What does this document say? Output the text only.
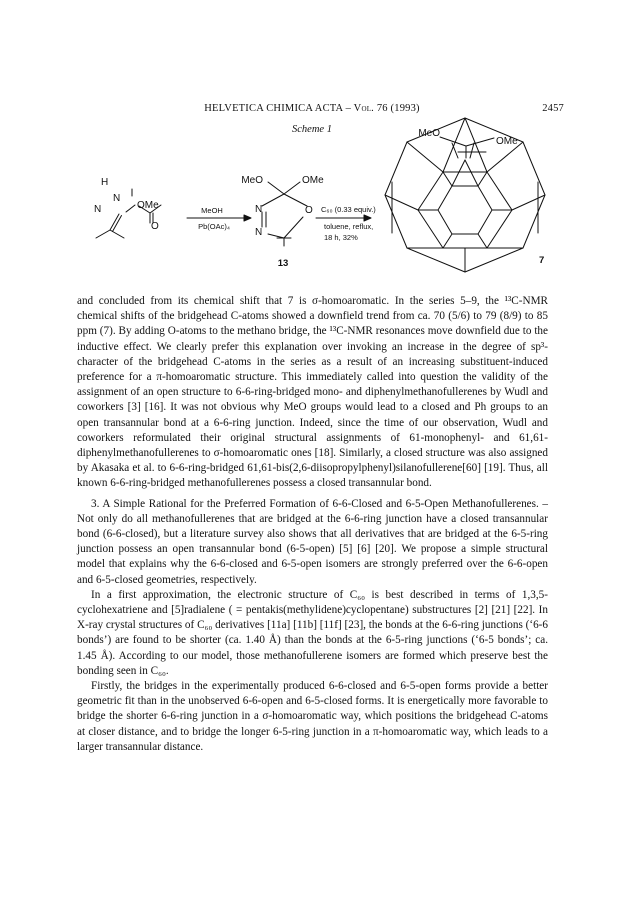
HELVETICA CHIMICA ACTA – Vol. 76 (1993)	2457
Scheme 1
H
N
N
OMe
O
MeOH
Pb(OAc)₄
MeO	OMe
N	O
N
13
C₆₀ (0.33 equiv.)
toluene, reflux,
18 h, 32%
MeO
OMe
7

and concluded from its chemical shift that 7 is σ-homoaromatic. In the series 5–9, the ¹³C-NMR chemical shifts of the bridgehead C-atoms showed a downfield trend from ca. 70 (5/6) to 79 (8/9) to 85 ppm (7). By adding O-atoms to the methano bridge, the ¹³C-NMR resonances move downfield due to the inductive effect. We clearly prefer this explanation over invoking an increase in the degree of sp³-character of the bridgehead C-atoms in the series as a result of an increasing substituent-induced preference for a π-homoaromatic structure. This immediately called into question the validity of the assignment of an open structure to 6-6-ring-bridged mono- and diphenylmethanofullerenes by Wudl and coworkers [3] [16]. It was not obvious why MeO groups would lead to a closed and Ph groups to an open transannular bond at a 6-6-ring junction. Indeed, since the time of our observation, Wudl and coworkers reformulated their original structural assignments of 61-monophenyl- and 61,61-diphenylmethanofullerenes to σ-homoaromatic ones [18]. Similarly, a closed structure was also assigned by Akasaka et al. to 6-6-ring-bridged 61,61-bis(2,6-diisopropylphenyl)silanofullerene[60] [19]. Thus, all known 6-6-ring-bridged methanofullerenes possess a closed transannular bond.

3. A Simple Rational for the Preferred Formation of 6-6-Closed and 6-5-Open Methanofullerenes. – Not only do all methanofullerenes that are bridged at the 6-6-ring junction have a closed transannular bond (6-6-closed), but a literature survey also shows that all derivatives that are bridged at the 6-5-ring junction possess an open transannular bond (6-5-open) [5] [6] [20]. We propose a simple structural model that explains why the 6-6-closed and 6-5-open isomers are strongly preferred over the 6-6-open and 6-5-closed geometries, respectively.

In a first approximation, the electronic structure of C₆₀ is best described in terms of 1,3,5-cyclohexatriene and [5]radialene ( = pentakis(methylidene)cyclopentane) substructures [2] [21] [22]. In X-ray crystal structures of C₆₀ derivatives [11a] [11b] [11f] [23], the bonds at the 6-6-ring junctions (‘6-6 bonds’) are found to be shorter (ca. 1.40 Å) than the bonds at the 6-5-ring junctions (‘6-5 bonds’; ca. 1.45 Å). According to our model, those methanofullerene isomers are formed which preserve best the bonding seen in C₆₀.

Firstly, the bridges in the experimentally produced 6-6-closed and 6-5-open forms provide a better geometric fit than in the unobserved 6-6-open and 6-5-closed forms. It is energetically more favorable to bridge the shorter 6-6-ring junction in a σ-homoaromatic way, which positions the bridgehead C-atoms at closer distance, and to bridge the longer 6-5-ring junction in a π-homoaromatic way, which leads to a larger transannular distance.
